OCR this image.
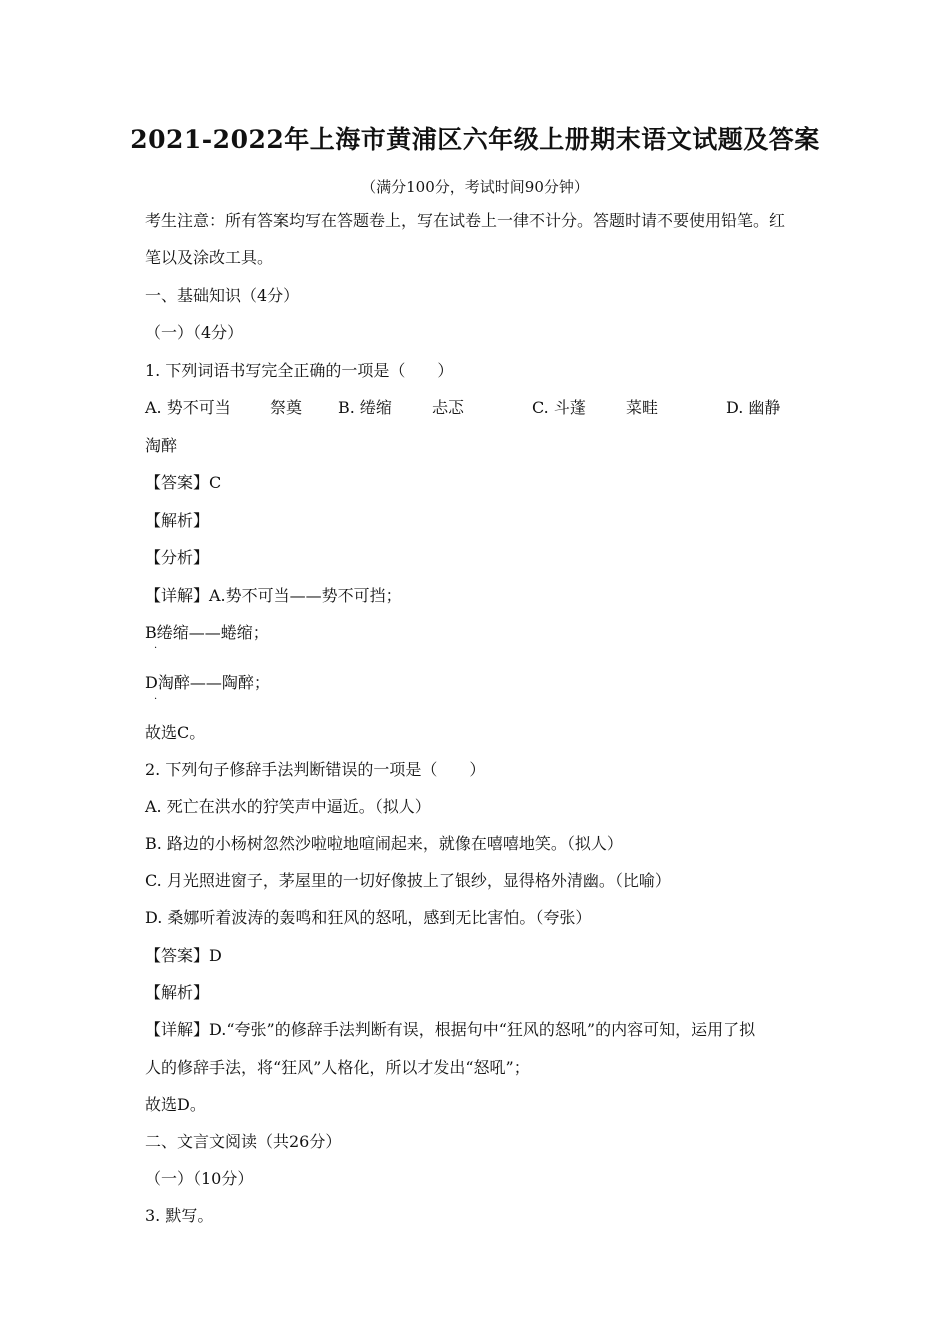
2021-2022年上海市黄浦区六年级上册期末语文试题及答案
（满分100分，考试时间90分钟）
考生注意：所有答案均写在答题卷上，写在试卷上一律不计分。答题时请不要使用铅笔。红
笔以及涂改工具。
一、基础知识（4分）
（一）（4分）
1. 下列词语书写完全正确的一项是（　　）
A. 势不可当 祭奠 B. 绻缩	忐忑	C. 斗蓬	菜畦	D. 幽静
淘醉
【答案】C
【解析】
【分析】
【详解】A.势不可当——势不可挡；
B绻缩——蜷缩；
·
D淘醉——陶醉；
·
故选C。
2. 下列句子修辞手法判断错误的一项是（　　）
A. 死亡在洪水的狞笑声中逼近。（拟人）
B. 路边的小杨树忽然沙啦啦地喧闹起来，就像在嘻嘻地笑。（拟人）
C. 月光照进窗子，茅屋里的一切好像披上了银纱，显得格外清幽。（比喻）
D. 桑娜听着波涛的轰鸣和狂风的怒吼，感到无比害怕。（夸张）
【答案】D
【解析】
【详解】D.“夸张”的修辞手法判断有误，根据句中“狂风的怒吼”的内容可知，运用了拟
人的修辞手法，将“狂风”人格化，所以才发出“怒吼”；
故选D。
二、文言文阅读（共26分）
（一）（10分）
3. 默写。
